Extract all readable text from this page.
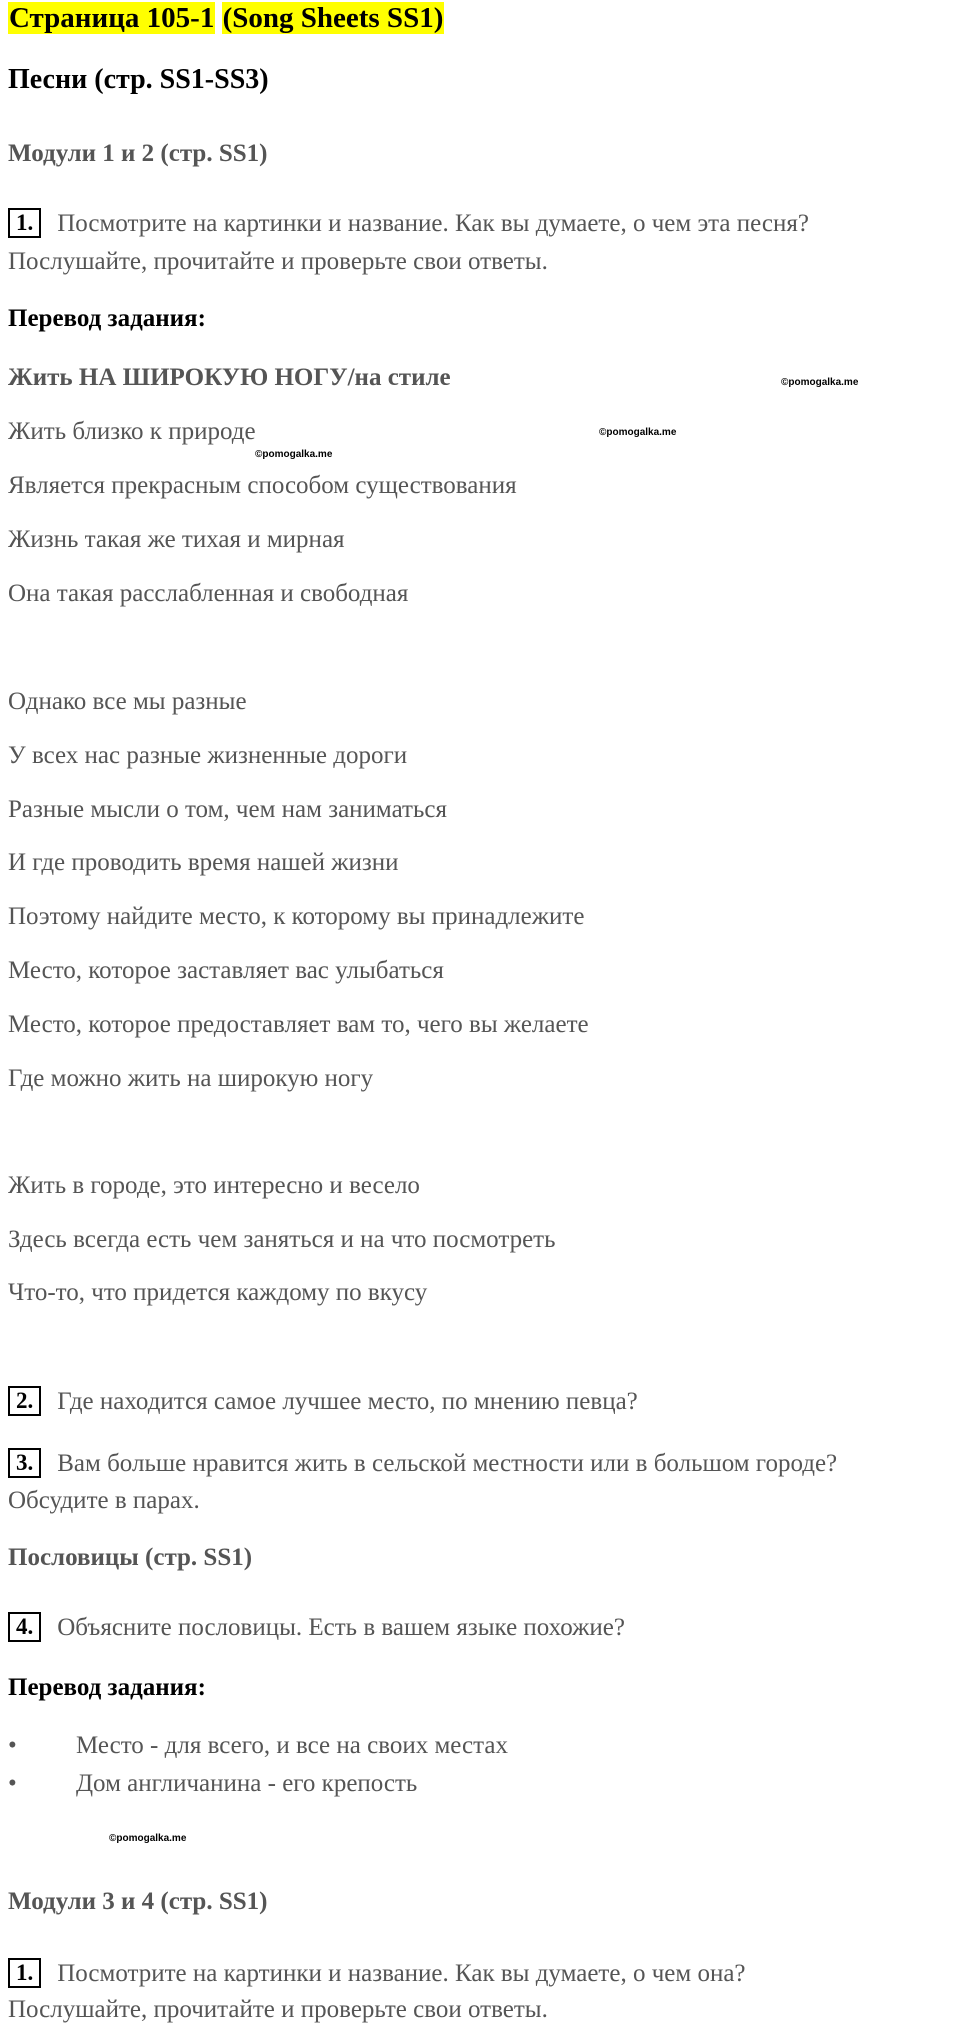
Страница 105-1 (Song Sheets SS1)
Песни (стр. SS1-SS3)
Модули 1 и 2 (стр. SS1)
1. Посмотрите на картинки и название. Как вы думаете, о чем эта песня?
Послушайте, прочитайте и проверьте свои ответы.
Перевод задания:
Жить НА ШИРОКУЮ НОГУ/на стиле
Жить близко к природе
Является прекрасным способом существования
Жизнь такая же тихая и мирная
Она такая расслабленная и свободная
Однако все мы разные
У всех нас разные жизненные дороги
Разные мысли о том, чем нам заниматься
И где проводить время нашей жизни
Поэтому найдите место, к которому вы принадлежите
Место, которое заставляет вас улыбаться
Место, которое предоставляет вам то, чего вы желаете
Где можно жить на широкую ногу
Жить в городе, это интересно и весело
Здесь всегда есть чем заняться и на что посмотреть
Что-то, что придется каждому по вкусу
2. Где находится самое лучшее место, по мнению певца?
3. Вам больше нравится жить в сельской местности или в большом городе?
Обсудите в парах.
Пословицы (стр. SS1)
4. Объясните пословицы. Есть в вашем языке похожие?
Перевод задания:
• Место - для всего, и все на своих местах
• Дом англичанина - его крепость
Модули 3 и 4 (стр. SS1)
1. Посмотрите на картинки и название. Как вы думаете, о чем она?
Послушайте, прочитайте и проверьте свои ответы.
©pomogalka.me
©pomogalka.me
©pomogalka.me
©pomogalka.me
